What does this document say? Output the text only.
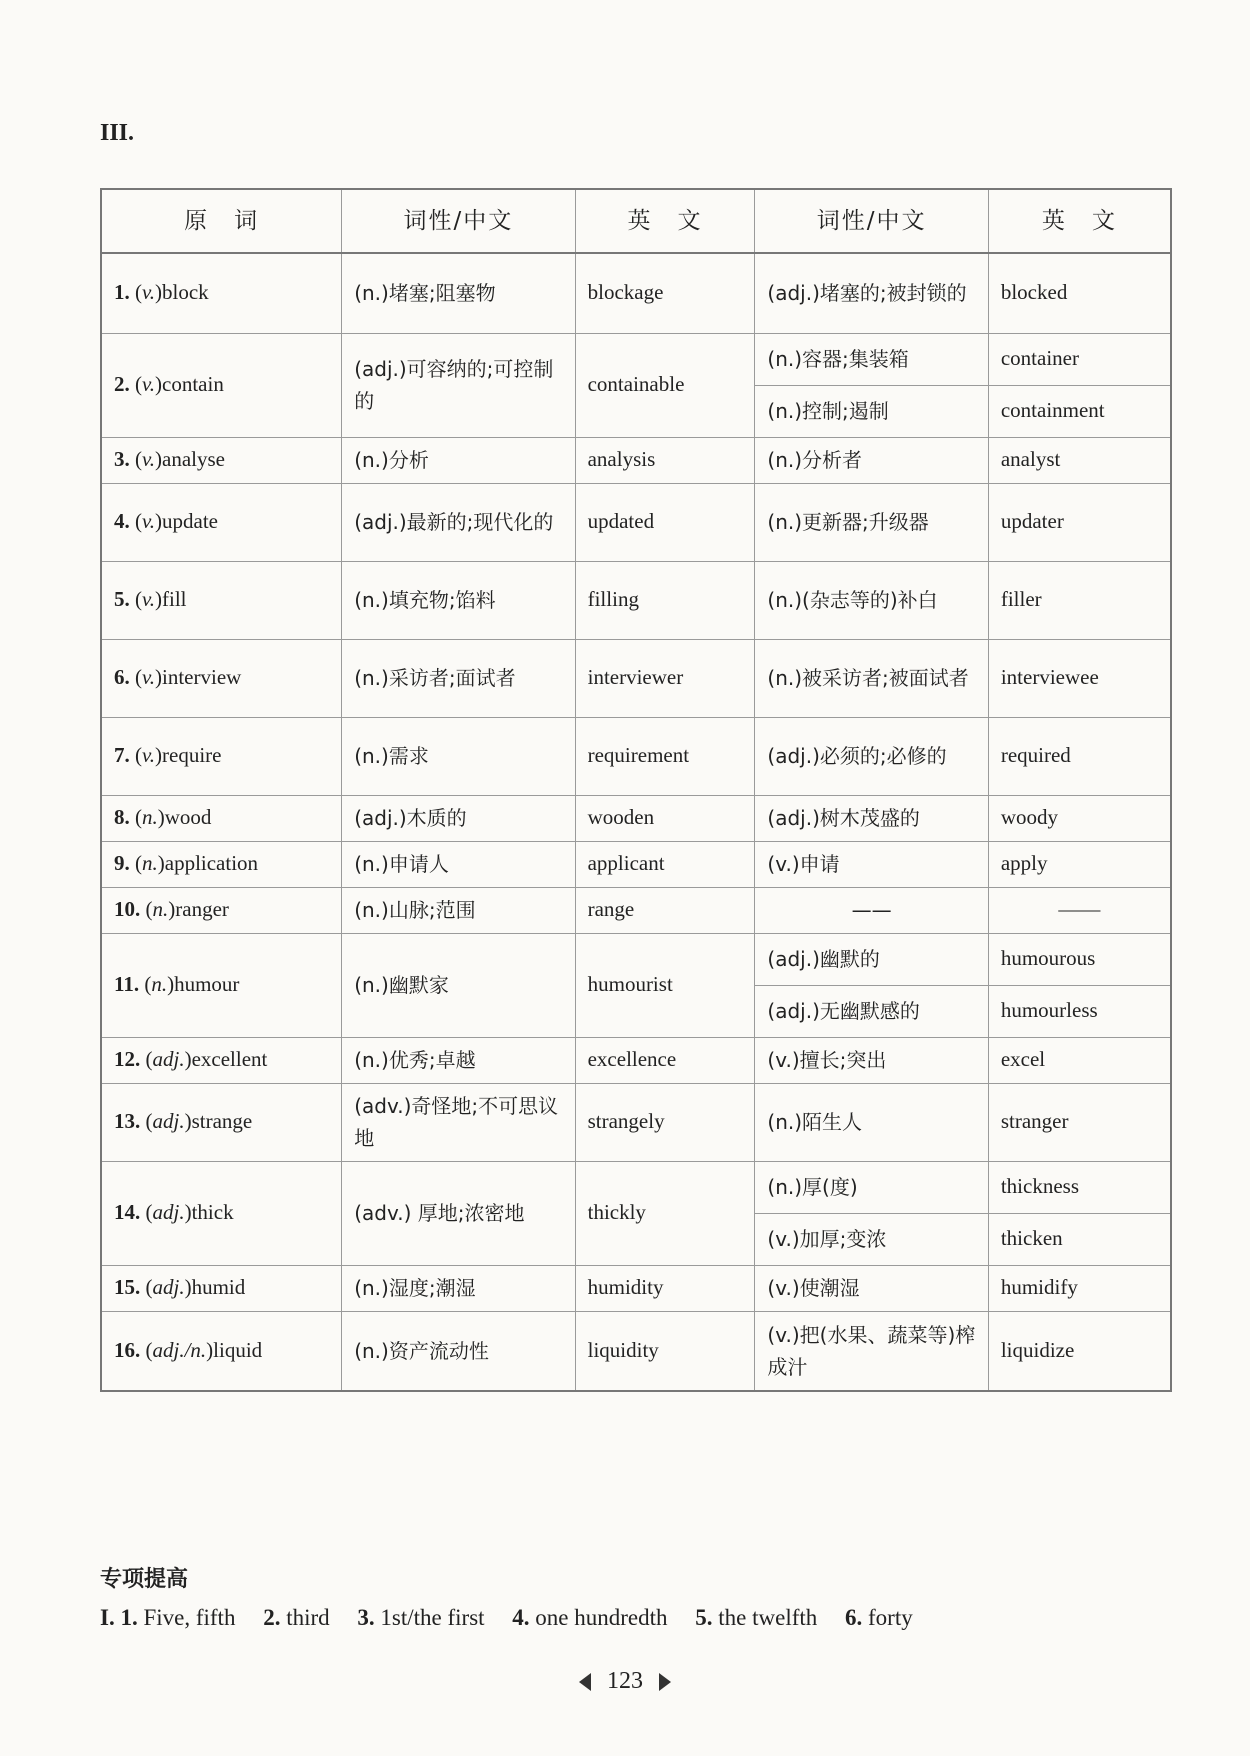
III.
原　词	词性/中文	英　文	词性/中文	英　文
1. (v.)block	(n.)堵塞;阻塞物	blockage	(adj.)堵塞的;被封锁的	blocked
2. (v.)contain	(adj.)可容纳的;可控制的	containable	(n.)容器;集装箱	container
			(n.)控制;遏制	containment
3. (v.)analyse	(n.)分析	analysis	(n.)分析者	analyst
4. (v.)update	(adj.)最新的;现代化的	updated	(n.)更新器;升级器	updater
5. (v.)fill	(n.)填充物;馅料	filling	(n.)(杂志等的)补白	filler
6. (v.)interview	(n.)采访者;面试者	interviewer	(n.)被采访者;被面试者	interviewee
7. (v.)require	(n.)需求	requirement	(adj.)必须的;必修的	required
8. (n.)wood	(adj.)木质的	wooden	(adj.)树木茂盛的	woody
9. (n.)application	(n.)申请人	applicant	(v.)申请	apply
10. (n.)ranger	(n.)山脉;范围	range	——	——
11. (n.)humour	(n.)幽默家	humourist	(adj.)幽默的	humourous
			(adj.)无幽默感的	humourless
12. (adj.)excellent	(n.)优秀;卓越	excellence	(v.)擅长;突出	excel
13. (adj.)strange	(adv.)奇怪地;不可思议地	strangely	(n.)陌生人	stranger
14. (adj.)thick	(adv.) 厚地;浓密地	thickly	(n.)厚(度)	thickness
			(v.)加厚;变浓	thicken
15. (adj.)humid	(n.)湿度;潮湿	humidity	(v.)使潮湿	humidify
16. (adj./n.)liquid	(n.)资产流动性	liquidity	(v.)把(水果、蔬菜等)榨成汁	liquidize
专项提高
I. 1. Five, fifth 2. third 3. 1st/the first 4. one hundredth 5. the twelfth 6. forty
123
